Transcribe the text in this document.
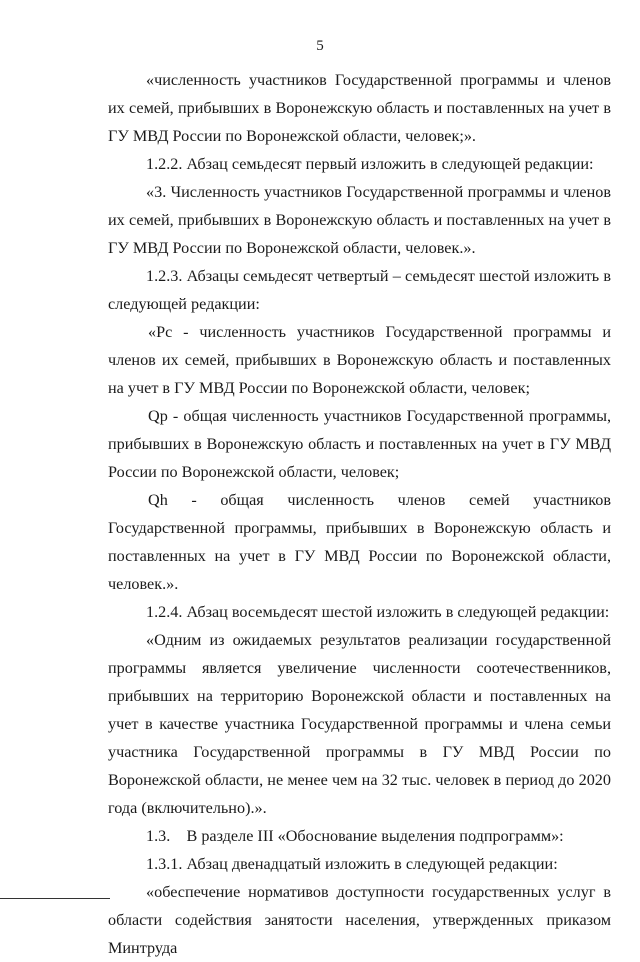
5

«численность участников Государственной программы и членов их семей, прибывших в Воронежскую область и поставленных на учет в ГУ МВД России по Воронежской области, человек;».

1.2.2. Абзац семьдесят первый изложить в следующей редакции:

«3. Численность участников Государственной программы и членов их семей, прибывших в Воронежскую область и поставленных на учет в ГУ МВД России по Воронежской области, человек.».

1.2.3. Абзацы семьдесят четвертый – семьдесят шестой изложить в следующей редакции:

«Pc - численность участников Государственной программы и членов их семей, прибывших в Воронежскую область и поставленных на учет в ГУ МВД России по Воронежской области, человек;

Qp - общая численность участников Государственной программы, прибывших в Воронежскую область и поставленных на учет в ГУ МВД России по Воронежской области, человек;

Qh - общая численность членов семей участников Государственной программы, прибывших в Воронежскую область и поставленных на учет в ГУ МВД России по Воронежской области, человек.».

1.2.4. Абзац восемьдесят шестой изложить в следующей редакции:

«Одним из ожидаемых результатов реализации государственной программы является увеличение численности соотечественников, прибывших на территорию Воронежской области и поставленных на учет в качестве участника Государственной программы и члена семьи участника Государственной программы в ГУ МВД России по Воронежской области, не менее чем на 32 тыс. человек в период до 2020 года (включительно).».

1.3.    В разделе III «Обоснование выделения подпрограмм»:

1.3.1. Абзац двенадцатый изложить в следующей редакции:

«обеспечение нормативов доступности государственных услуг в области содействия занятости населения, утвержденных приказом Минтруда
